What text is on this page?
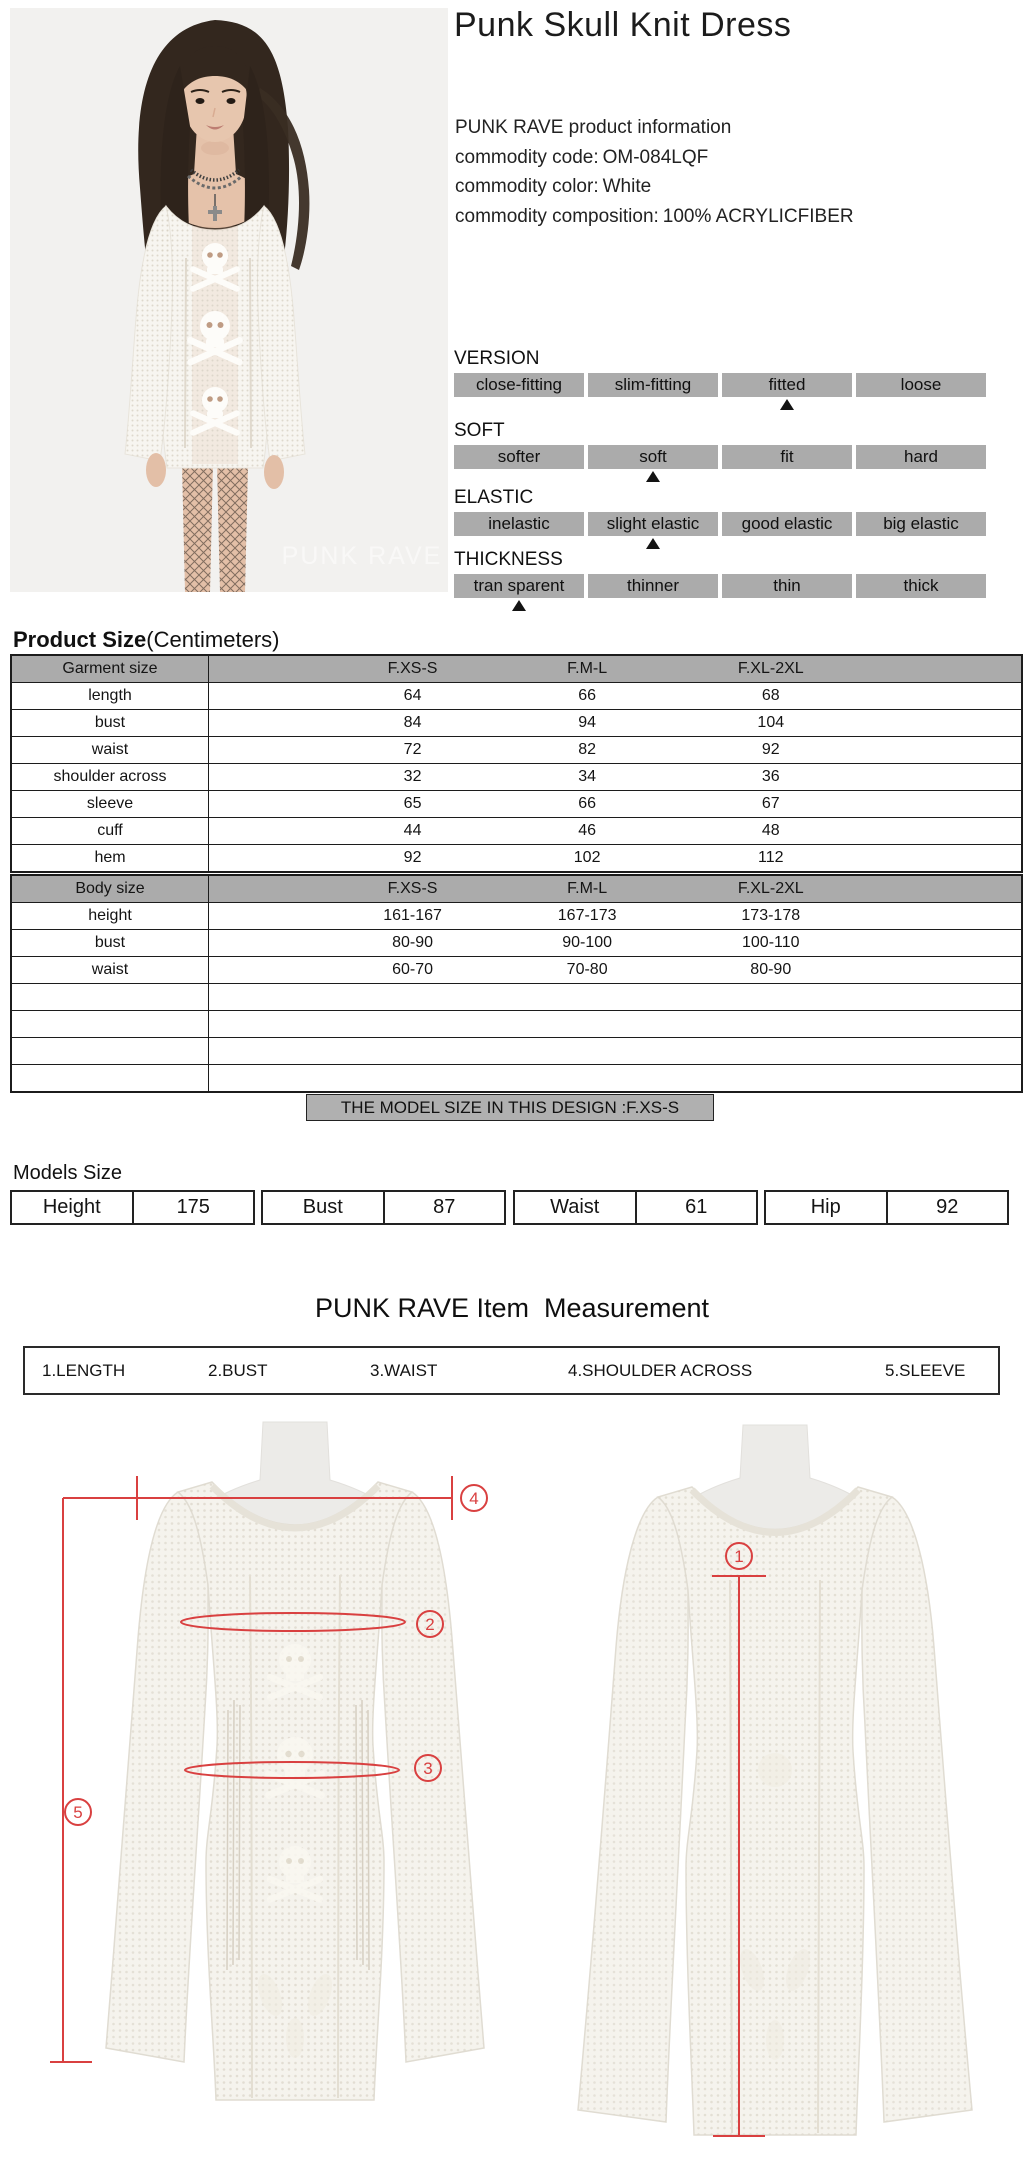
PUNK RAVE
Punk Skull Knit Dress
PUNK RAVE product information
commodity code: OM-084LQF
commodity color: White
commodity composition: 100% ACRYLICFIBER
VERSION
close-fitting	slim-fitting	fitted	loose
SOFT
softer	soft	fit	hard
ELASTIC
inelastic	slight elastic	good elastic	big elastic
THICKNESS
tran sparent	thinner	thin	thick
Product Size(Centimeters)
Garment size	F.XS-S	F.M-L	F.XL-2XL
length	64	66	68
bust	84	94	104
waist	72	82	92
shoulder across	32	34	36
sleeve	65	66	67
cuff	44	46	48
hem	92	102	112
Body size	F.XS-S	F.M-L	F.XL-2XL
height	161-167	167-173	173-178
bust	80-90	90-100	100-110
waist	60-70	70-80	80-90
THE MODEL SIZE IN THIS DESIGN :F.XS-S
Models Size
Height	175	Bust	87	Waist	61	Hip	92
PUNK RAVE Item  Measurement
1.LENGTH	2.BUST	3.WAIST	4.SHOULDER ACROSS	5.SLEEVE
5
4
2
3
1
